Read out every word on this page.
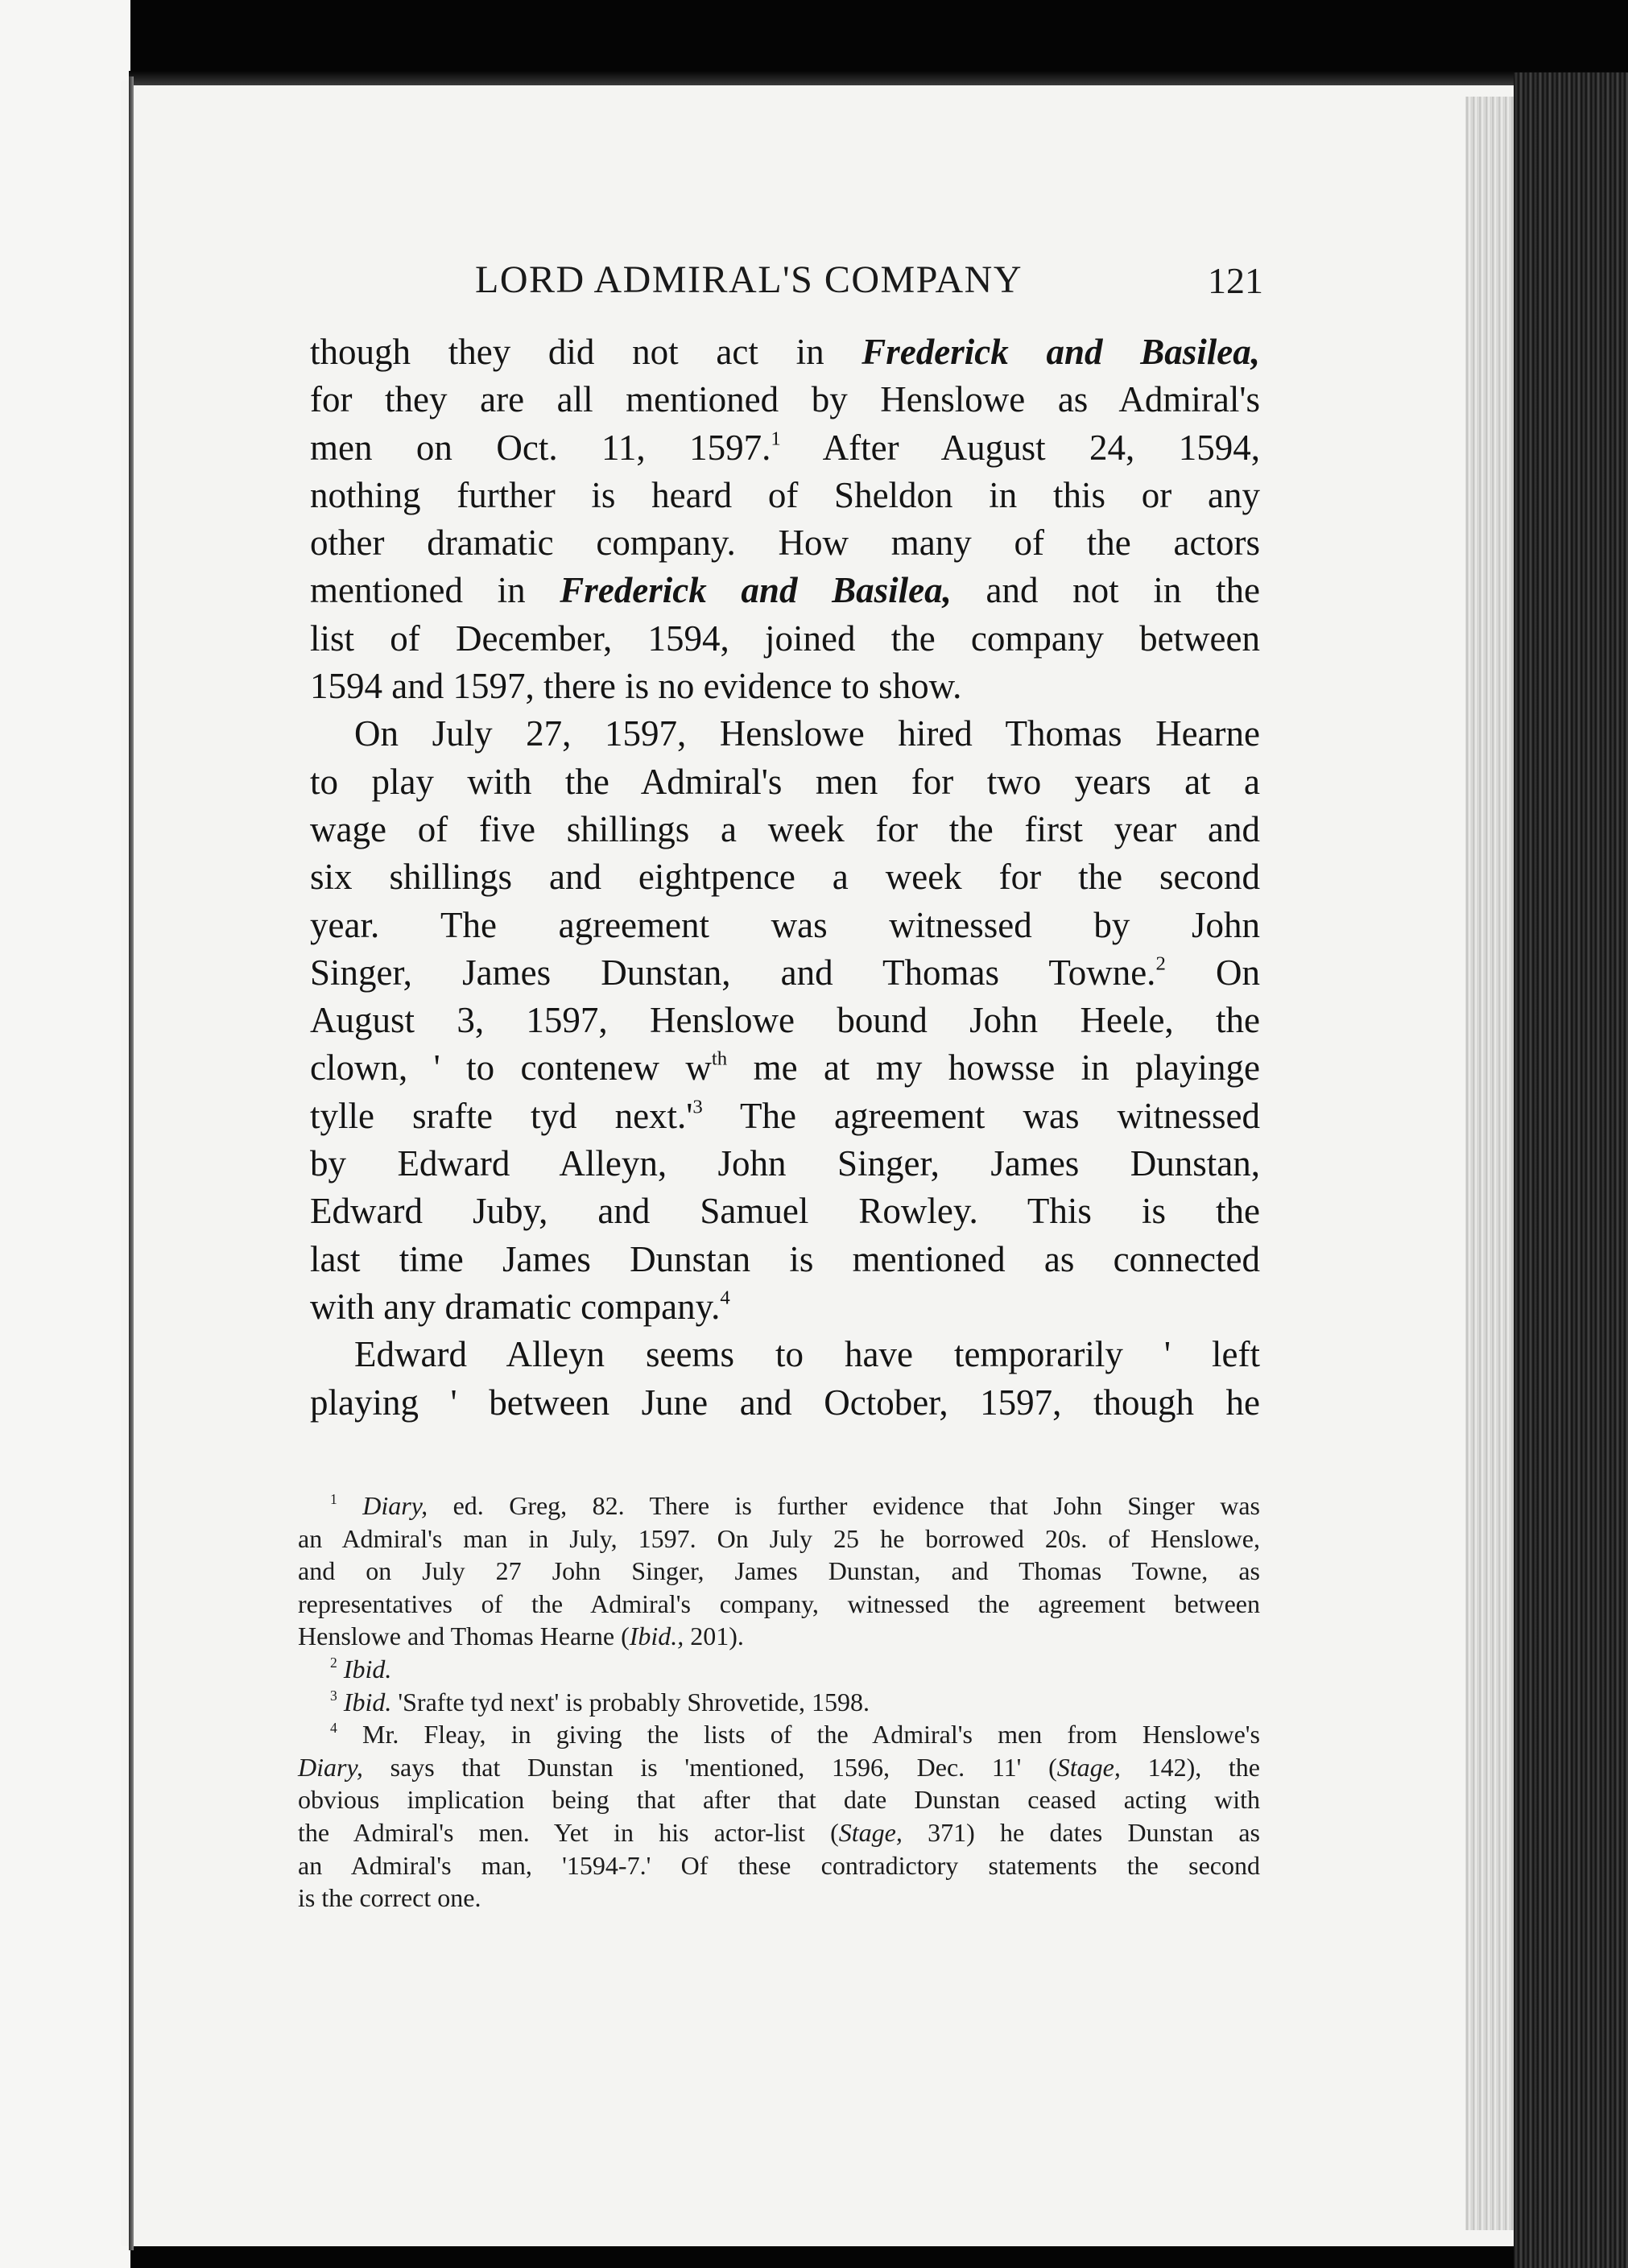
LORD ADMIRAL'S COMPANY	121
though they did not act in Frederick and Basilea,
for they are all mentioned by Henslowe as Admiral's
men on Oct. 11, 1597.$^1$ After August 24, 1594,
nothing further is heard of Sheldon in this or any
other dramatic company. How many of the actors
mentioned in Frederick and Basilea, and not in the
list of December, 1594, joined the company between
1594 and 1597, there is no evidence to show.
On July 27, 1597, Henslowe hired Thomas Hearne
to play with the Admiral's men for two years at a
wage of five shillings a week for the first year and
six shillings and eightpence a week for the second
year. The agreement was witnessed by John
Singer, James Dunstan, and Thomas Towne.$^2$ On
August 3, 1597, Henslowe bound John Heele, the
clown, ' to contenew $w^{th}$ me at my howsse in playinge
tylle srafte tyd $next.'^3$ The agreement was witnessed
by Edward Alleyn, John Singer, James Dunstan,
Edward Juby, and Samuel Rowley. This is the
last time James Dunstan is mentioned as connected
with any dramatic company.$^4$
Edward Alleyn seems to have temporarily ' left
playing ' between June and October, 1597, though he
$^1$ Diary, ed. Greg, 82. There is further evidence that John Singer was
an Admiral's man in July, 1597. On July 25 he borrowed 20s. of Henslowe,
and on July 27 John Singer, James Dunstan, and Thomas Towne, as
representatives of the Admiral's company, witnessed the agreement between
Henslowe and Thomas Hearne (Ibid., 201).
$^2$ Ibid.
$^3$ Ibid. 'Srafte tyd next' is probably Shrovetide, 1598.
$^4$ Mr. Fleay, in giving the lists of the Admiral's men from Henslowe's
Diary, says that Dunstan is 'mentioned, 1596, Dec. 11' (Stage, 142), the
obvious implication being that after that date Dunstan ceased acting with
the Admiral's men. Yet in his actor-list (Stage, 371) he dates Dunstan as
an Admiral's man, '1594-7.' Of these contradictory statements the second
is the correct one.
